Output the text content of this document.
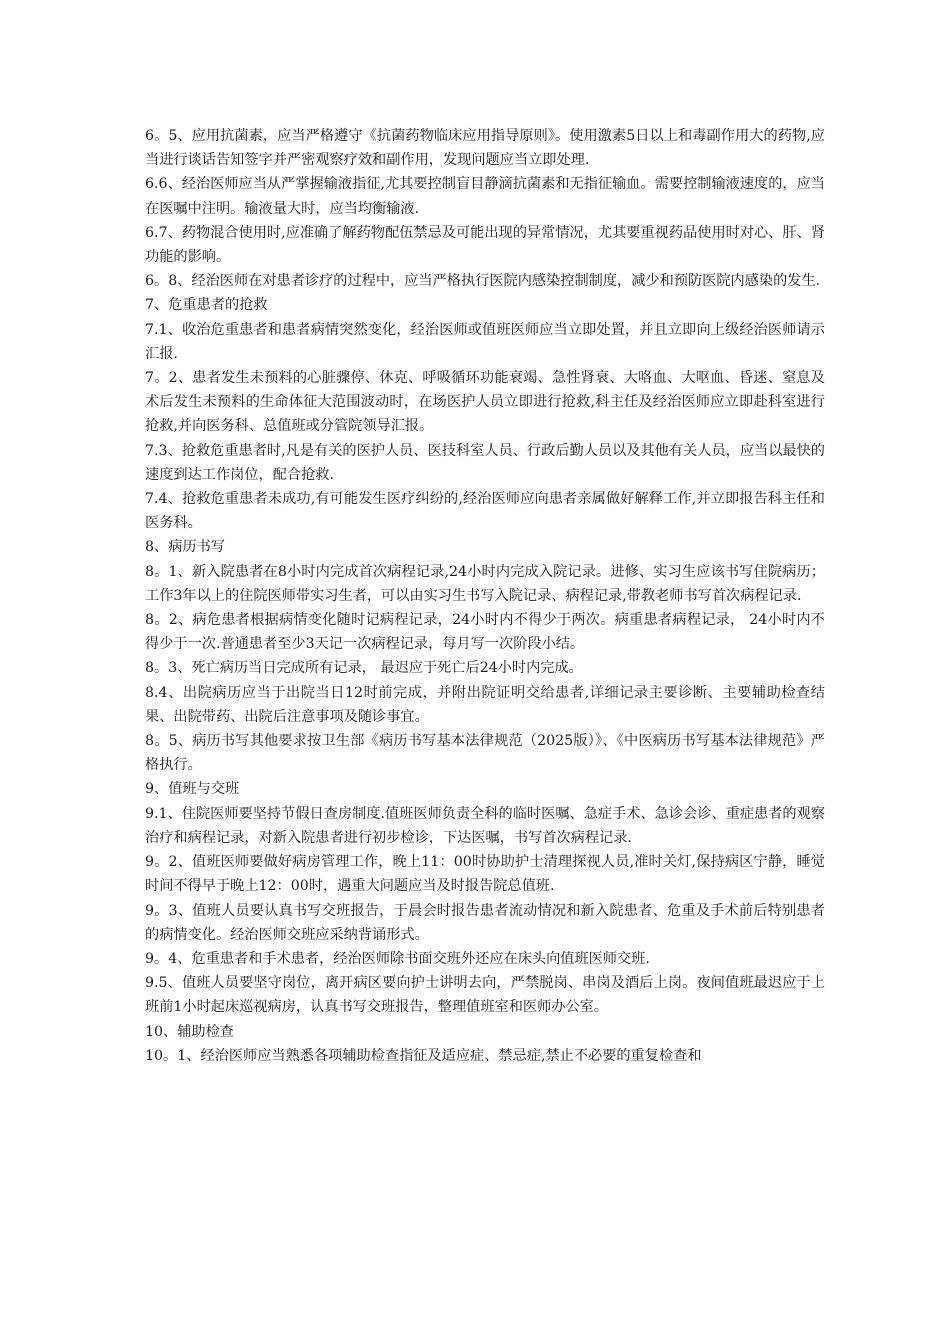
6。5、应用抗菌素，应当严格遵守《抗菌药物临床应用指导原则》。使用激素5日以上和毒副作用大的药物,应当进行谈话告知签字并严密观察疗效和副作用，发现问题应当立即处理.

6.6、经治医师应当从严掌握输液指征,尤其要控制盲目静滴抗菌素和无指征输血。需要控制输液速度的，应当在医嘱中注明。输液量大时，应当均衡输液.

6.7、药物混合使用时,应准确了解药物配伍禁忌及可能出现的异常情况，尤其要重视药品使用时对心、肝、肾功能的影响。

6。8、经治医师在对患者诊疗的过程中，应当严格执行医院内感染控制制度，减少和预防医院内感染的发生.

7、危重患者的抢救

7.1、收治危重患者和患者病情突然变化，经治医师或值班医师应当立即处置，并且立即向上级经治医师请示汇报.

7。2、患者发生未预料的心脏骤停、休克、呼吸循环功能衰竭、急性肾衰、大咯血、大呕血、昏迷、窒息及术后发生未预料的生命体征大范围波动时，在场医护人员立即进行抢救,科主任及经治医师应立即赴科室进行抢救,并向医务科、总值班或分管院领导汇报。

7.3、抢救危重患者时,凡是有关的医护人员、医技科室人员、行政后勤人员以及其他有关人员，应当以最快的速度到达工作岗位，配合抢救.

7.4、抢救危重患者未成功,有可能发生医疗纠纷的,经治医师应向患者亲属做好解释工作,并立即报告科主任和医务科。

8、病历书写

8。1、新入院患者在8小时内完成首次病程记录,24小时内完成入院记录。进修、实习生应该书写住院病历；工作3年以上的住院医师带实习生者，可以由实习生书写入院记录、病程记录,带教老师书写首次病程记录.

8。2、病危患者根据病情变化随时记病程记录，24小时内不得少于两次。病重患者病程记录， 24小时内不得少于一次.普通患者至少3天记一次病程记录，每月写一次阶段小结。

8。3、死亡病历当日完成所有记录， 最迟应于死亡后24小时内完成。

8.4、出院病历应当于出院当日12时前完成，并附出院证明交给患者,详细记录主要诊断、主要辅助检查结果、出院带药、出院后注意事项及随诊事宜。

8。5、病历书写其他要求按卫生部《病历书写基本法律规范（2025版）》、《中医病历书写基本法律规范》严格执行。

9、值班与交班

9.1、住院医师要坚持节假日查房制度.值班医师负责全科的临时医嘱、急症手术、急诊会诊、重症患者的观察治疗和病程记录，对新入院患者进行初步检诊，下达医嘱，书写首次病程记录.

9。2、值班医师要做好病房管理工作，晚上11：00时协助护士清理探视人员,准时关灯,保持病区宁静，睡觉时间不得早于晚上12：00时，遇重大问题应当及时报告院总值班.

9。3、值班人员要认真书写交班报告，于晨会时报告患者流动情况和新入院患者、危重及手术前后特别患者的病情变化。经治医师交班应采纳背诵形式。

9。4、危重患者和手术患者，经治医师除书面交班外还应在床头向值班医师交班.

9.5、值班人员要坚守岗位，离开病区要向护士讲明去向，严禁脱岗、串岗及酒后上岗。夜间值班最迟应于上班前1小时起床巡视病房，认真书写交班报告，整理值班室和医师办公室。

10、辅助检查

10。1、经治医师应当熟悉各项辅助检查指征及适应症、禁忌症,禁止不必要的重复检查和
